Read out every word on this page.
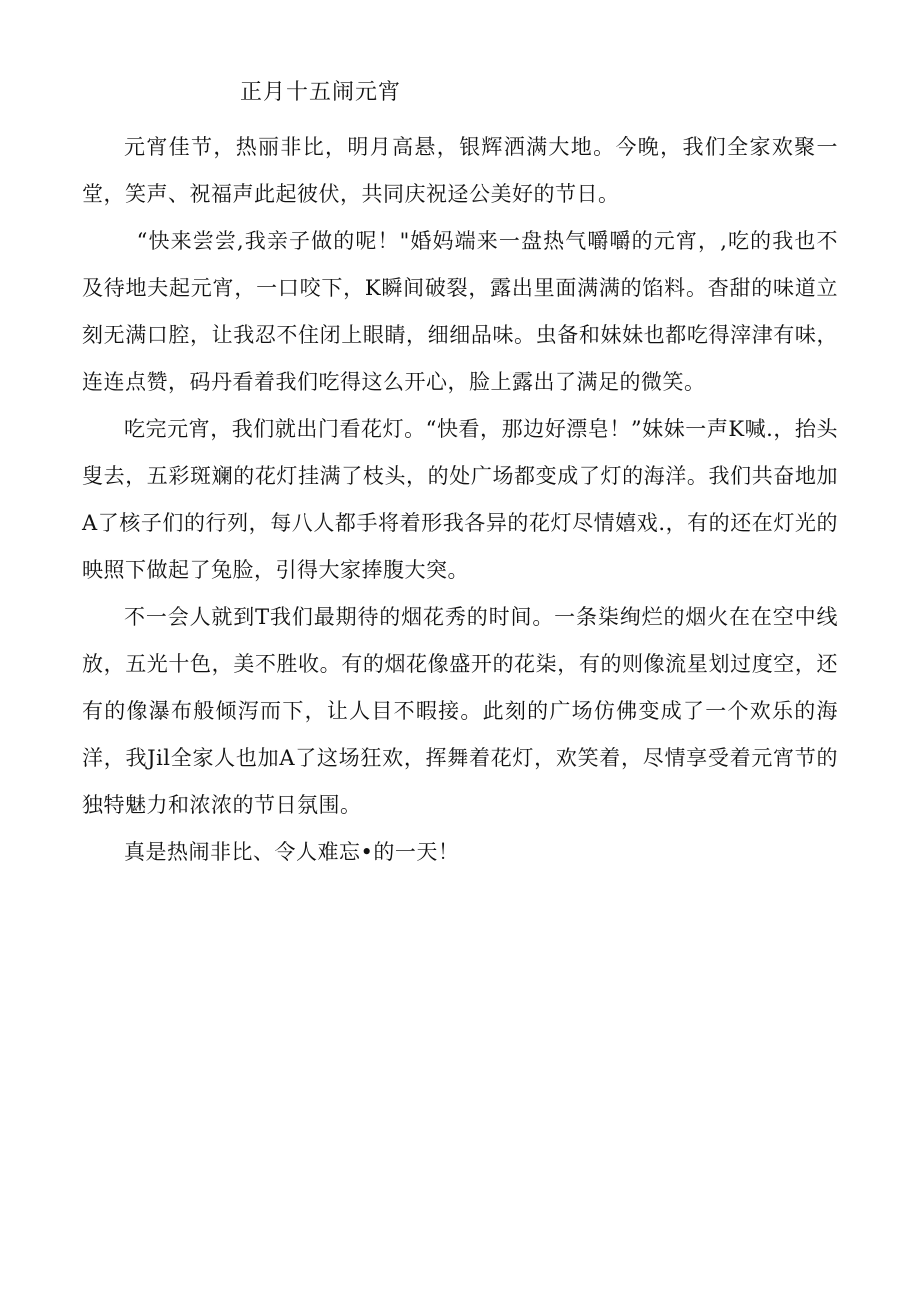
正月十五闹元宵

元宵佳节，热丽非比，明月高悬，银辉洒满大地。今晚，我们全家欢聚一堂，笑声、祝福声此起彼伏，共同庆祝迳公美好的节日。

“快来尝尝,我亲子做的呢！"婚妈端来一盘热气嚼嚼的元宵，,吃的我也不及待地夫起元宵，一口咬下，K瞬间破裂，露出里面满满的馅料。杳甜的味道立刻无满口腔，让我忍不住闭上眼睛，细细品味。虫备和妹妹也都吃得滓津有味，连连点赞，码丹看着我们吃得这么开心，脸上露出了满足的微笑。

吃完元宵，我们就出门看花灯。“快看，那边好漂皂！”妹妹一声K喊.，抬头叟去，五彩斑斓的花灯挂满了枝头，的处广场都变成了灯的海洋。我们共奋地加A了核子们的行列，每八人都手将着形我各异的花灯尽情嬉戏.，有的还在灯光的映照下做起了兔脸，引得大家捧腹大突。

不一会人就到T我们最期待的烟花秀的时间。一条柒绚烂的烟火在在空中线放，五光十色，美不胜收。有的烟花像盛开的花柒，有的则像流星划过度空，还有的像瀑布般倾泻而下，让人目不暇接。此刻的广场仿佛变成了一个欢乐的海洋，我Jil全家人也加A了这场狂欢，挥舞着花灯，欢笑着，尽情享受着元宵节的独特魅力和浓浓的节日氛围。

真是热闹非比、令人难忘•的一天！
